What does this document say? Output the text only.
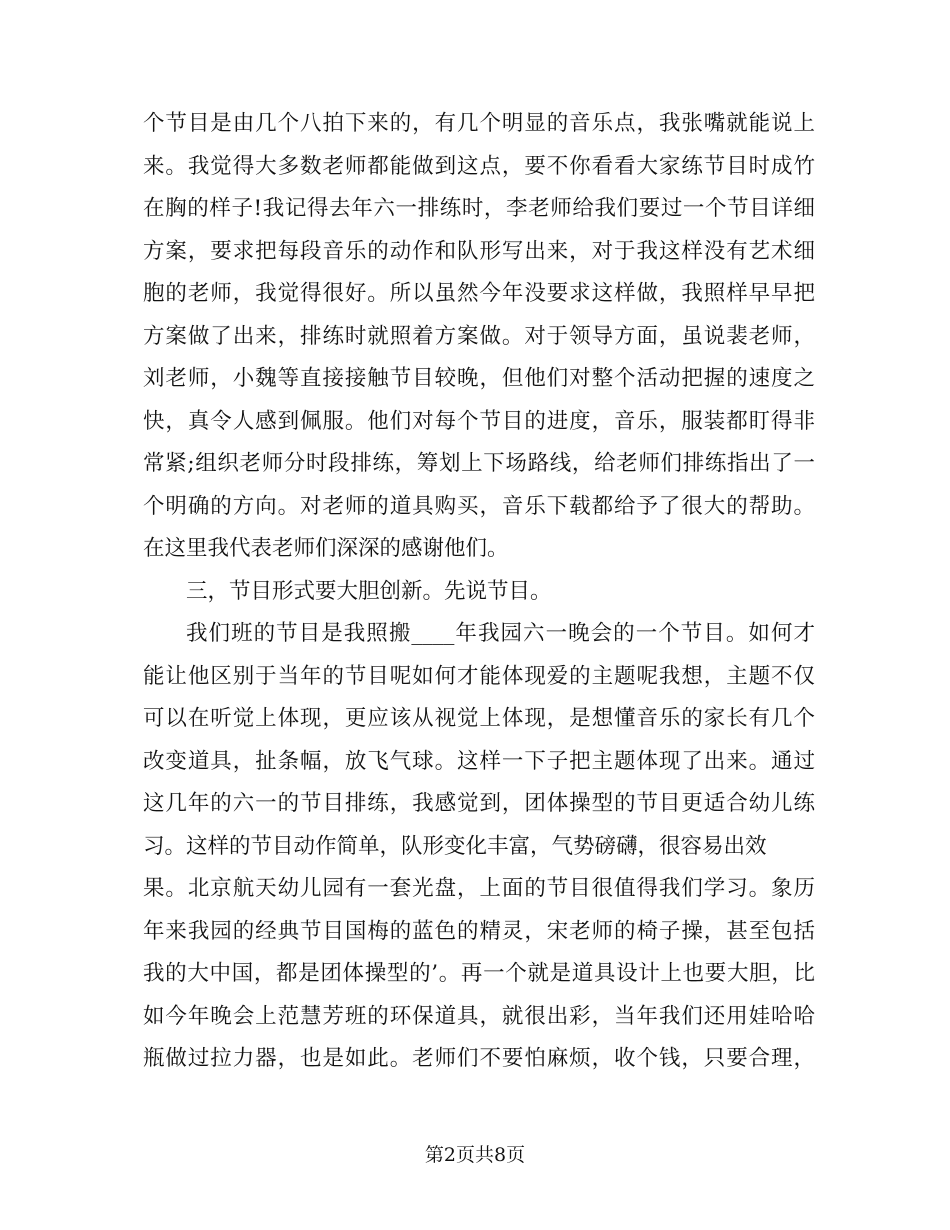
个节目是由几个八拍下来的，有几个明显的音乐点，我张嘴就能说上
来。我觉得大多数老师都能做到这点，要不你看看大家练节目时成竹
在胸的样子!我记得去年六一排练时，李老师给我们要过一个节目详细
方案，要求把每段音乐的动作和队形写出来，对于我这样没有艺术细
胞的老师，我觉得很好。所以虽然今年没要求这样做，我照样早早把
方案做了出来，排练时就照着方案做。对于领导方面，虽说裴老师，
刘老师，小魏等直接接触节目较晚，但他们对整个活动把握的速度之
快，真令人感到佩服。他们对每个节目的进度，音乐，服装都盯得非
常紧;组织老师分时段排练，筹划上下场路线，给老师们排练指出了一
个明确的方向。对老师的道具购买，音乐下载都给予了很大的帮助。
在这里我代表老师们深深的感谢他们。
三，节目形式要大胆创新。先说节目。
我们班的节目是我照搬____年我园六一晚会的一个节目。如何才
能让他区别于当年的节目呢如何才能体现爱的主题呢我想，主题不仅
可以在听觉上体现，更应该从视觉上体现，是想懂音乐的家长有几个
改变道具，扯条幅，放飞气球。这样一下子把主题体现了出来。通过
这几年的六一的节目排练，我感觉到，团体操型的节目更适合幼儿练
习。这样的节目动作简单，队形变化丰富，气势磅礴，很容易出效
果。北京航天幼儿园有一套光盘，上面的节目很值得我们学习。象历
年来我园的经典节目国梅的蓝色的精灵，宋老师的椅子操，甚至包括
我的大中国，都是团体操型的’。再一个就是道具设计上也要大胆，比
如今年晚会上范慧芳班的环保道具，就很出彩，当年我们还用娃哈哈
瓶做过拉力器，也是如此。老师们不要怕麻烦，收个钱，只要合理，
第2页共8页
